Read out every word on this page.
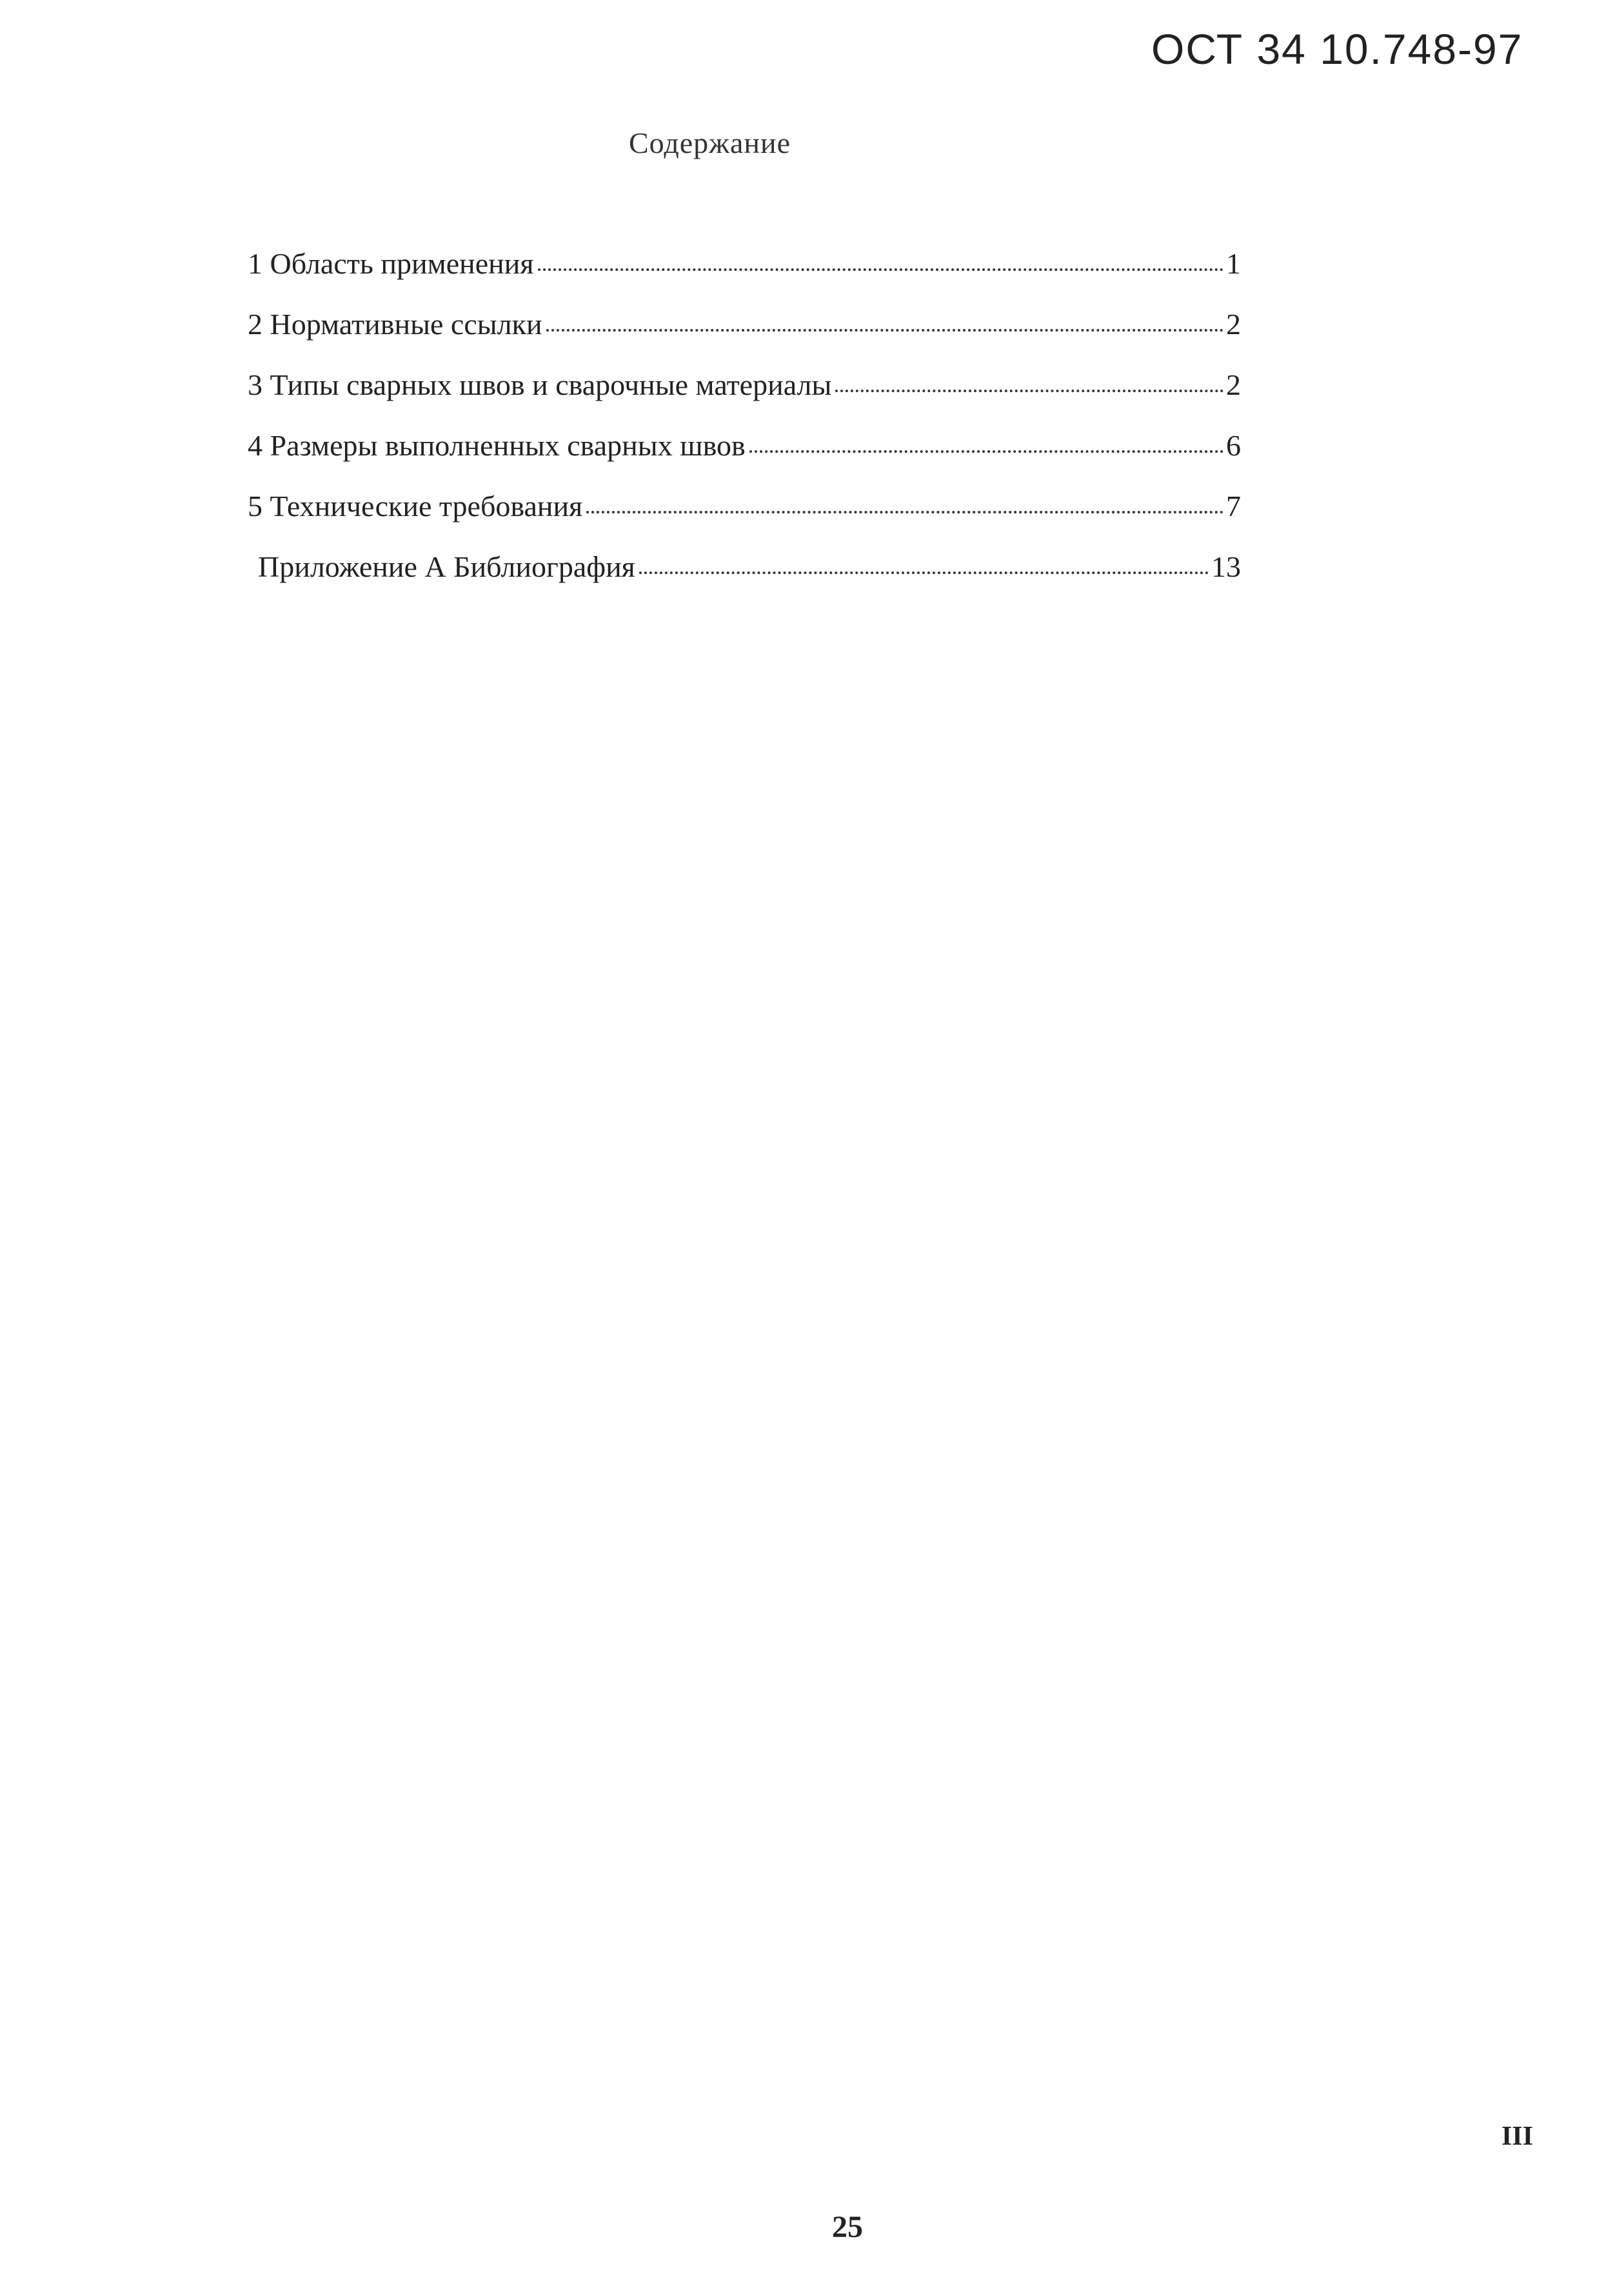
ОСТ 34 10.748-97
Содержание
1 Область применения	1
2 Нормативные ссылки	2
3 Типы сварных швов и сварочные материалы	2
4 Размеры выполненных сварных швов	6
5 Технические требования	7
Приложение А Библиография	13
III
25
